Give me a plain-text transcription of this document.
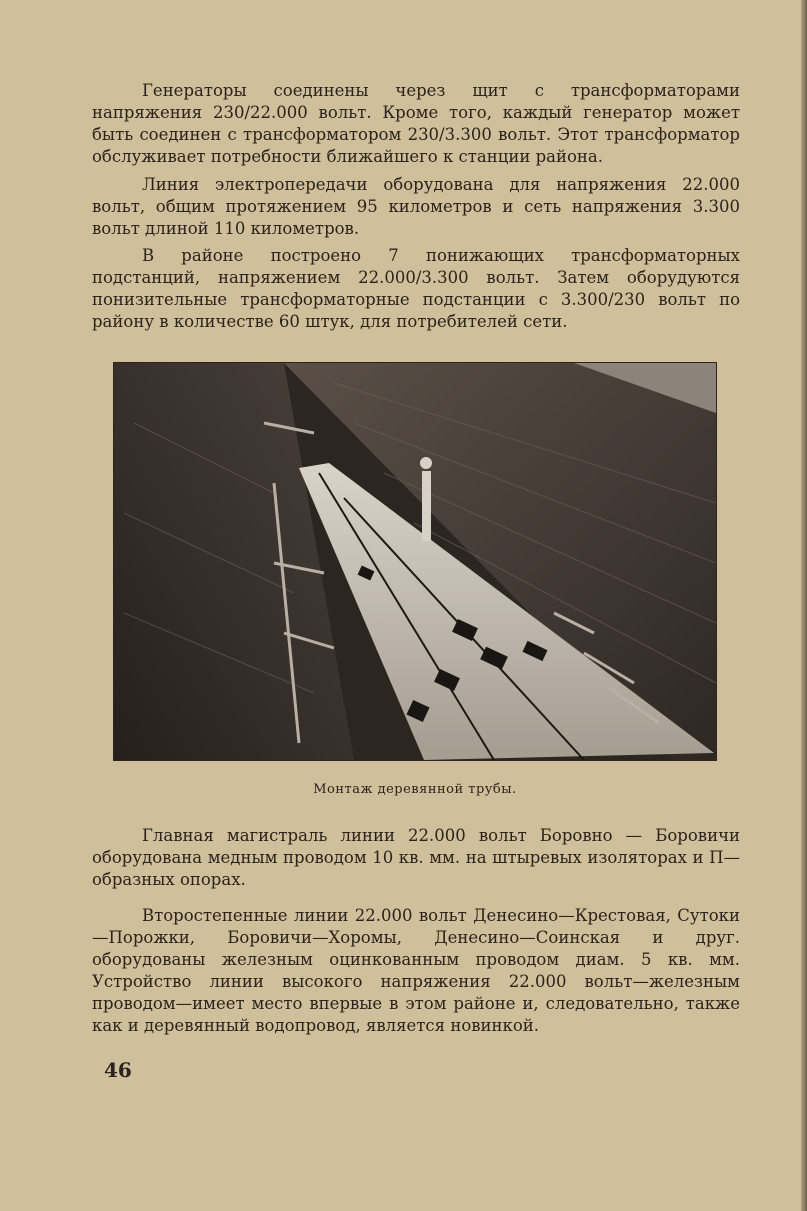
Генераторы соединены через щит с трансформаторами напряжения 230/22.000 вольт. Кроме того, каждый генератор может быть соединен с трансформатором 230/3.300 вольт. Этот трансформатор обслуживает потребности ближайшего к станции района.

Линия электропередачи оборудована для напряжения 22.000 вольт, общим протяжением 95 километров и сеть напряжения 3.300 вольт длиной 110 километров.

В районе построено 7 понижающих трансформаторных подстанций, напряжением 22.000/3.300 вольт. Затем оборудуются понизительные трансформаторные подстанции с 3.300/230 вольт по району в количестве 60 штук, для потребителей сети.

Монтаж деревянной трубы.

Главная магистраль линии 22.000 вольт Боровно — Боровичи оборудована медным проводом 10 кв. мм. на штыревых изоляторах и П—образных опорах.

Второстепенные линии 22.000 вольт Денесино—Крестовая, Сутоки—Порожки, Боровичи—Хоромы, Денесино—Соинская и друг. оборудованы железным оцинкованным проводом диам. 5 кв. мм. Устройство линии высокого напряжения 22.000 вольт—железным проводом—имеет место впервые в этом районе и, следовательно, также как и деревянный водопровод, является новинкой.

46
